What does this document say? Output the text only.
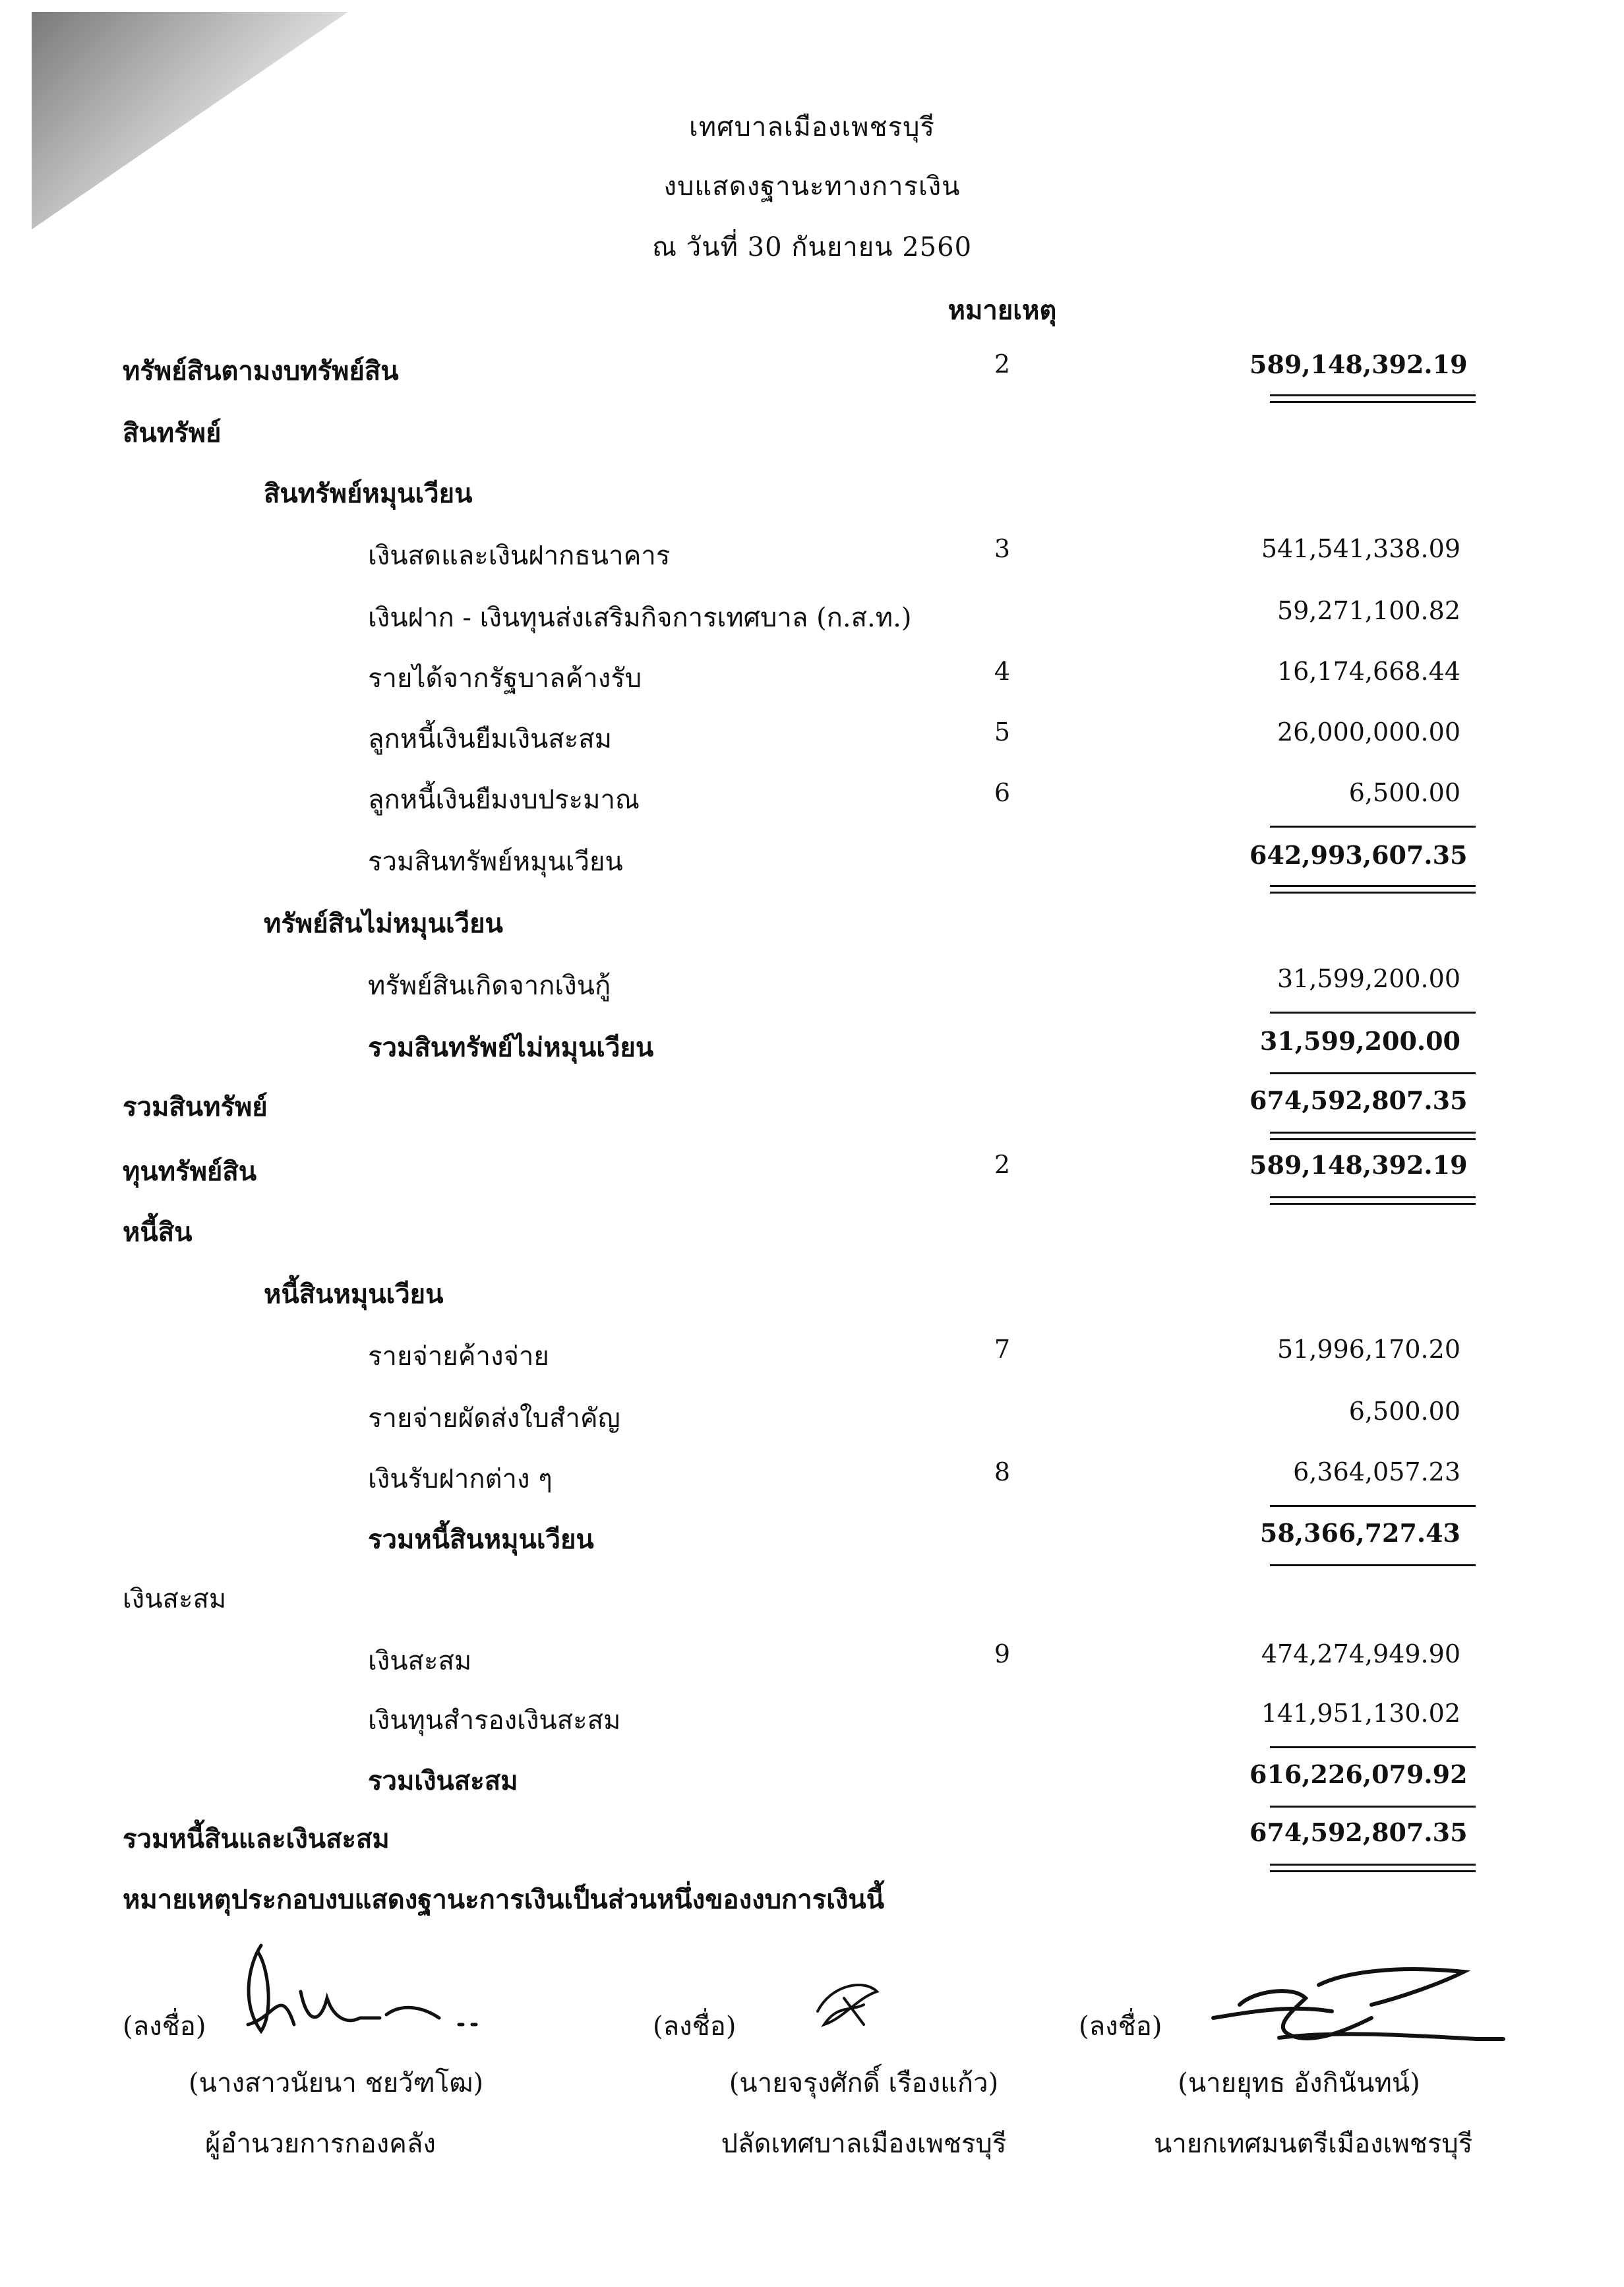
เทศบาลเมืองเพชรบุรี
งบแสดงฐานะทางการเงิน
ณ วันที่ 30 กันยายน 2560
หมายเหตุ
ทรัพย์สินตามงบทรัพย์สิน	2	589,148,392.19
สินทรัพย์
สินทรัพย์หมุนเวียน
เงินสดและเงินฝากธนาคาร	3	541,541,338.09
เงินฝาก - เงินทุนส่งเสริมกิจการเทศบาล (ก.ส.ท.)	59,271,100.82
รายได้จากรัฐบาลค้างรับ	4	16,174,668.44
ลูกหนี้เงินยืมเงินสะสม	5	26,000,000.00
ลูกหนี้เงินยืมงบประมาณ	6	6,500.00
รวมสินทรัพย์หมุนเวียน	642,993,607.35
ทรัพย์สินไม่หมุนเวียน
ทรัพย์สินเกิดจากเงินกู้	31,599,200.00
รวมสินทรัพย์ไม่หมุนเวียน	31,599,200.00
รวมสินทรัพย์	674,592,807.35
ทุนทรัพย์สิน	2	589,148,392.19
หนี้สิน
หนี้สินหมุนเวียน
รายจ่ายค้างจ่าย	7	51,996,170.20
รายจ่ายผัดส่งใบสำคัญ	6,500.00
เงินรับฝากต่าง ๆ	8	6,364,057.23
รวมหนี้สินหมุนเวียน	58,366,727.43
เงินสะสม
เงินสะสม	9	474,274,949.90
เงินทุนสำรองเงินสะสม	141,951,130.02
รวมเงินสะสม	616,226,079.92
รวมหนี้สินและเงินสะสม	674,592,807.35
หมายเหตุประกอบงบแสดงฐานะการเงินเป็นส่วนหนึ่งของงบการเงินนี้
(ลงชื่อ)
(นางสาวนัยนา ชยวัฑโฒ)
ผู้อำนวยการกองคลัง
(ลงชื่อ)
(นายจรุงศักดิ์ เรืองแก้ว)
ปลัดเทศบาลเมืองเพชรบุรี
(ลงชื่อ)
(นายยุทธ อังกินันทน์)
นายกเทศมนตรีเมืองเพชรบุรี
